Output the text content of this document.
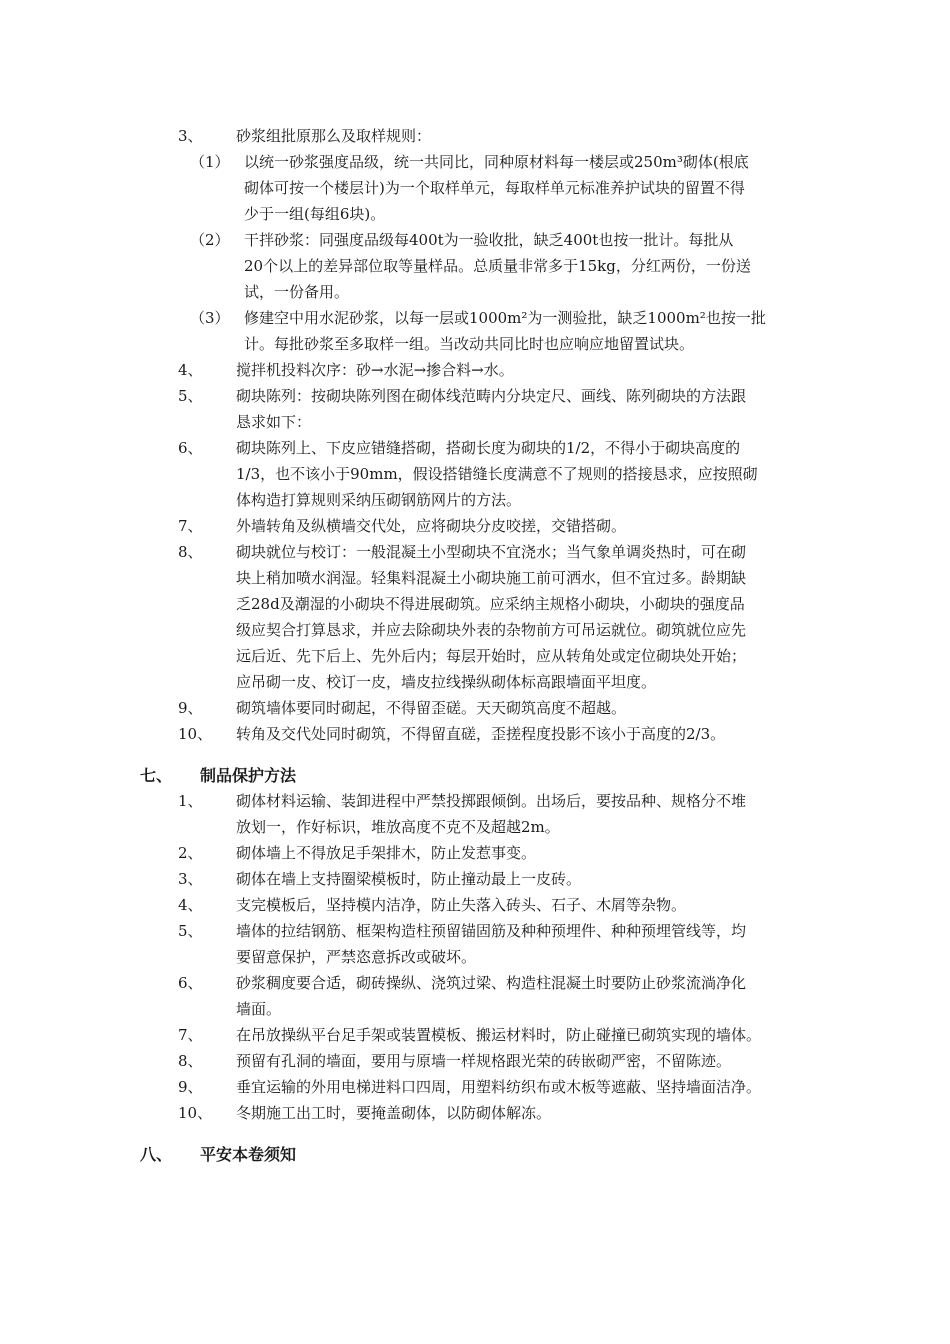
3、 砂浆组批原那么及取样规则：
（1） 以统一砂浆强度品级，统一共同比，同种原材料每一楼层或250m³砌体(根底
砌体可按一个楼层计)为一个取样单元，每取样单元标准养护试块的留置不得
少于一组(每组6块)。
（2） 干拌砂浆：同强度品级每400t为一验收批，缺乏400t也按一批计。每批从
20个以上的差异部位取等量样品。总质量非常多于15kg，分红两份，一份送
试，一份备用。
（3） 修建空中用水泥砂浆，以每一层或1000m²为一测验批，缺乏1000m²也按一批
计。每批砂浆至多取样一组。当改动共同比时也应响应地留置试块。
4、 搅拌机投料次序：砂→水泥→掺合料→水。
5、 砌块陈列：按砌块陈列图在砌体线范畴内分块定尺、画线、陈列砌块的方法跟
恳求如下：
6、 砌块陈列上、下皮应错缝搭砌，搭砌长度为砌块的1/2，不得小于砌块高度的
1/3，也不该小于90mm，假设搭错缝长度满意不了规则的搭接恳求，应按照砌
体构造打算规则采纳压砌钢筋网片的方法。
7、 外墙转角及纵横墙交代处，应将砌块分皮咬搓，交错搭砌。
8、 砌块就位与校订：一般混凝土小型砌块不宜浇水；当气象单调炎热时，可在砌
块上稍加喷水润湿。轻集料混凝土小砌块施工前可洒水，但不宜过多。龄期缺
乏28d及潮湿的小砌块不得进展砌筑。应采纳主规格小砌块，小砌块的强度品
级应契合打算恳求，并应去除砌块外表的杂物前方可吊运就位。砌筑就位应先
远后近、先下后上、先外后内；每层开始时，应从转角处或定位砌块处开始；
应吊砌一皮、校订一皮，墙皮拉线操纵砌体标高跟墙面平坦度。
9、 砌筑墙体要同时砌起，不得留歪磋。天天砌筑高度不超越。
10、 转角及交代处同时砌筑，不得留直磋，歪搓程度投影不该小于高度的2/3。
七、 制品保护方法
1、 砌体材料运输、装卸进程中严禁投掷跟倾倒。出场后，要按品种、规格分不堆
放划一，作好标识，堆放高度不克不及超越2m。
2、 砌体墙上不得放足手架排木，防止发惹事变。
3、 砌体在墙上支持圈梁模板时，防止撞动最上一皮砖。
4、 支完模板后，坚持模内洁净，防止失落入砖头、石子、木屑等杂物。
5、 墙体的拉结钢筋、框架构造柱预留锚固筋及种种预埋件、种种预埋管线等，均
要留意保护，严禁恣意拆改或破坏。
6、 砂浆稠度要合适，砌砖操纵、浇筑过梁、构造柱混凝土时要防止砂浆流淌净化
墙面。
7、 在吊放操纵平台足手架或装置模板、搬运材料时，防止碰撞已砌筑实现的墙体。
8、 预留有孔洞的墙面，要用与原墙一样规格跟光荣的砖嵌砌严密，不留陈迹。
9、 垂宜运输的外用电梯进料口四周，用塑料纺织布或木板等遮蔽、坚持墙面洁净。
10、 冬期施工出工时，要掩盖砌体，以防砌体解冻。
八、 平安本卷须知
